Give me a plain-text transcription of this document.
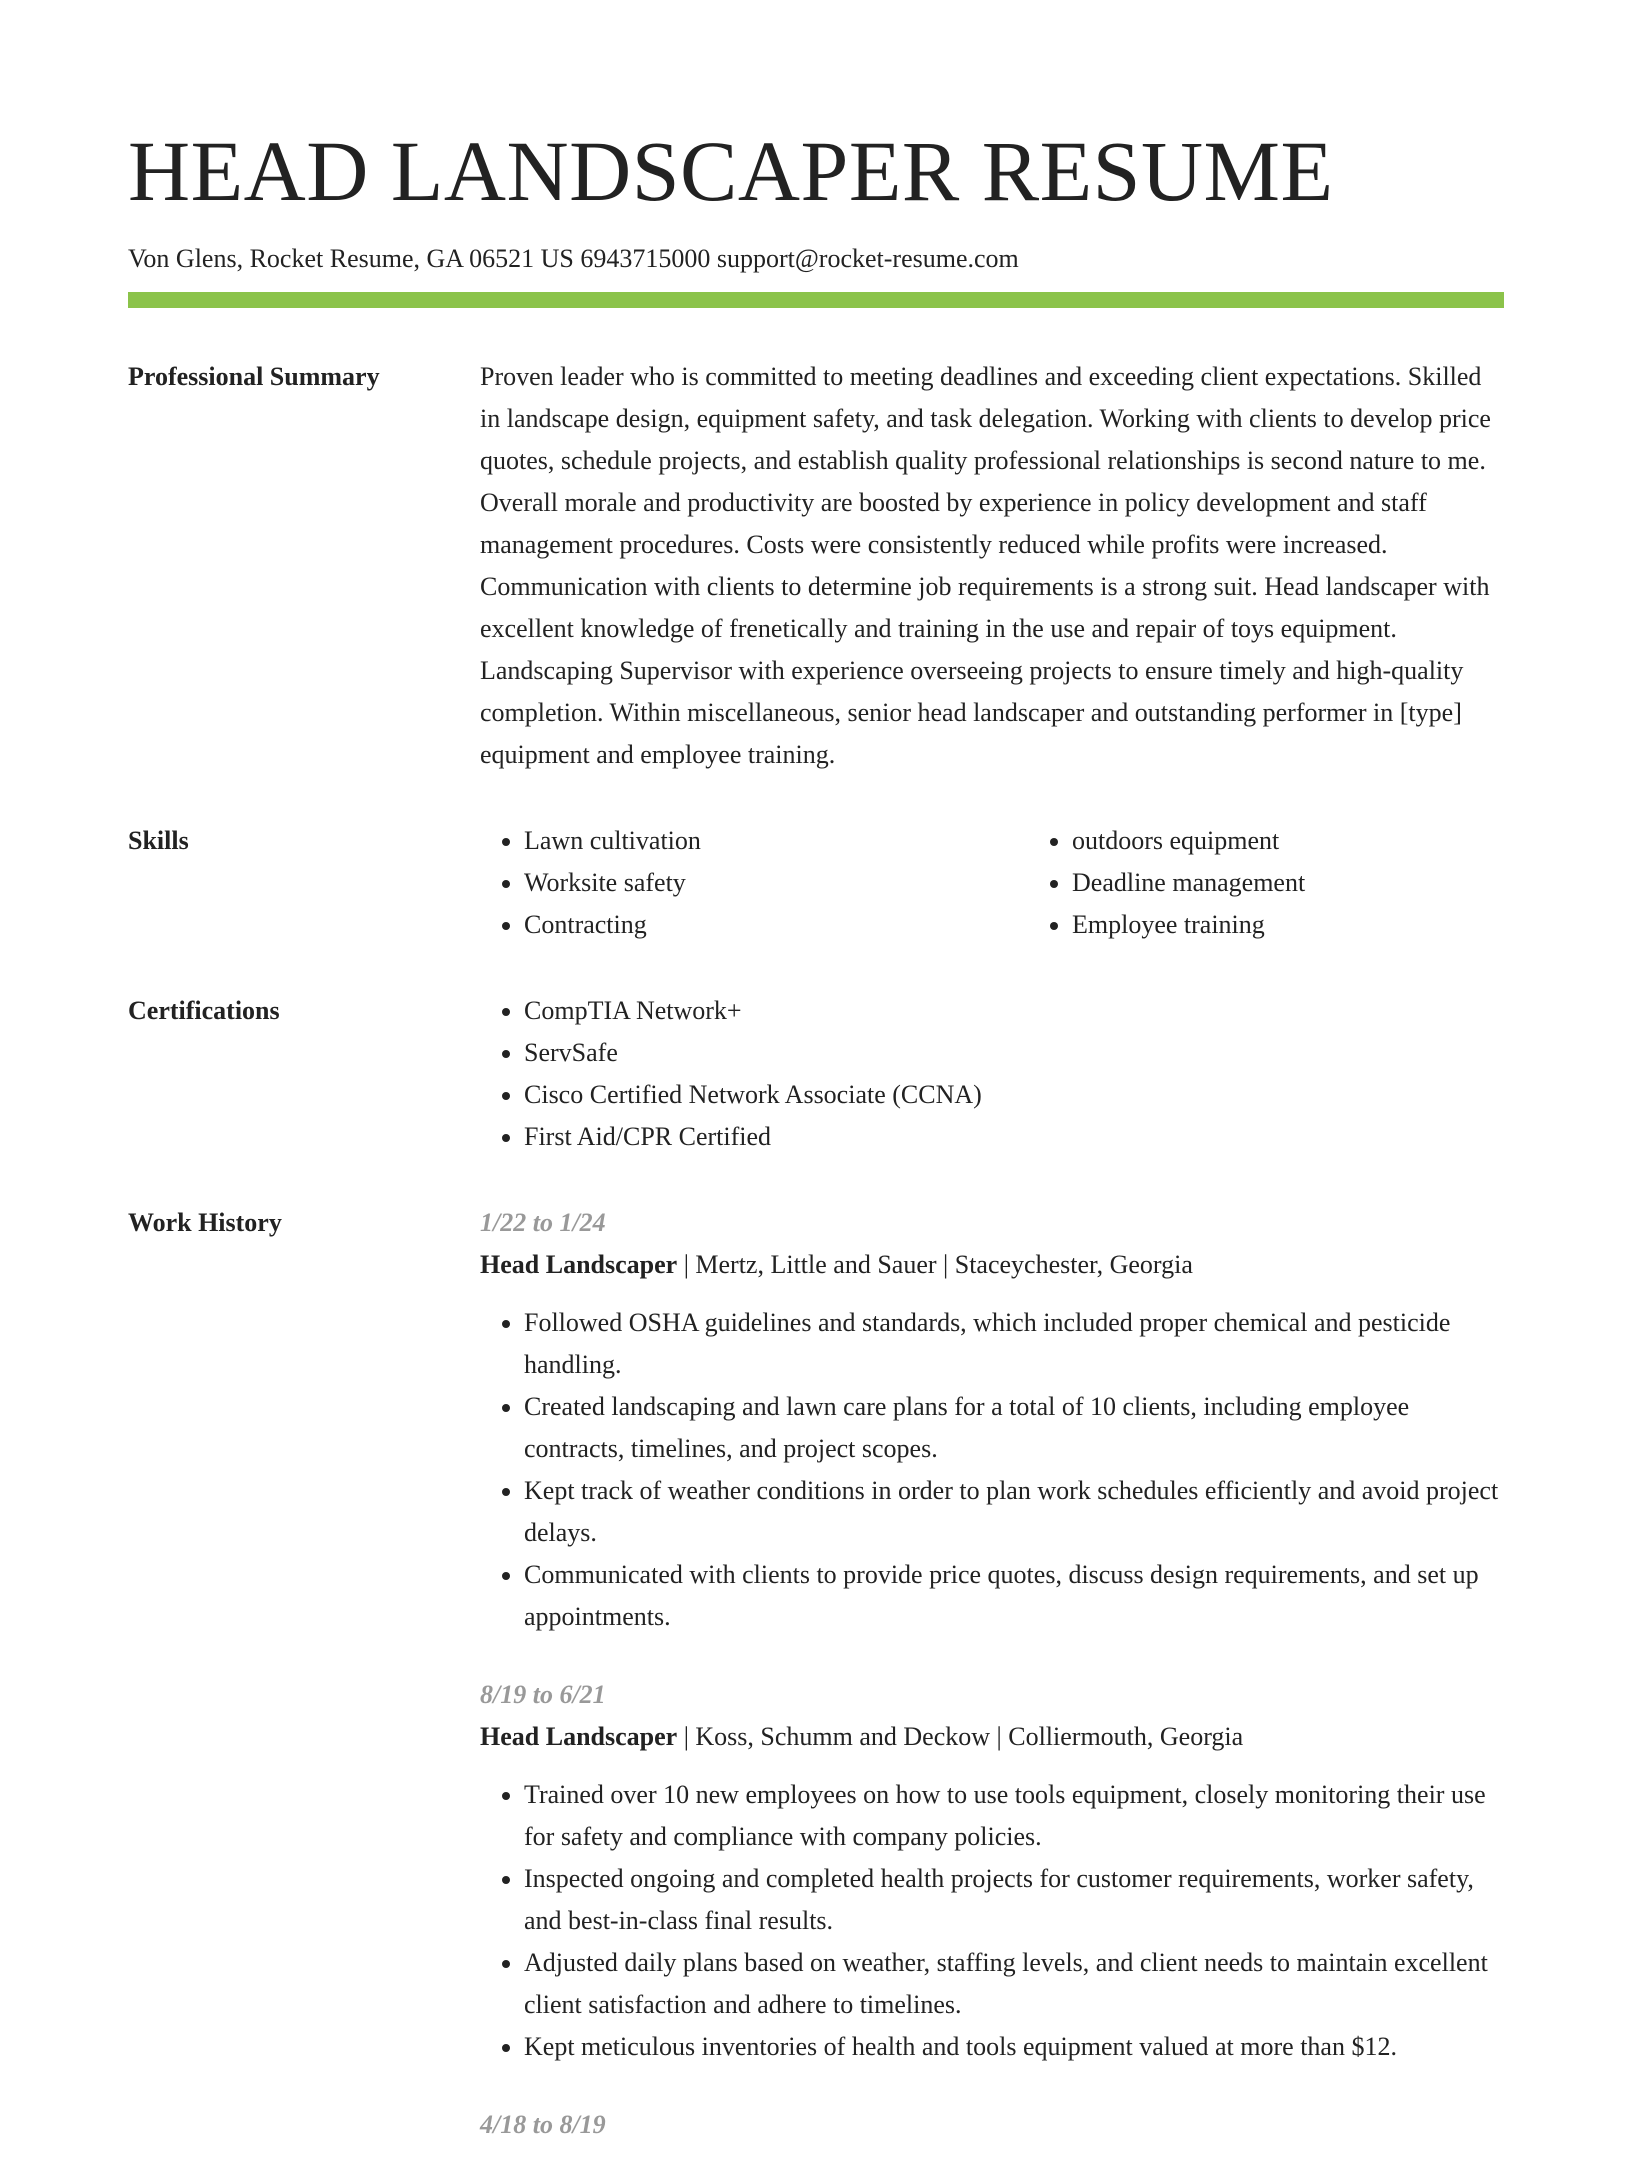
HEAD LANDSCAPER RESUME
Von Glens, Rocket Resume, GA 06521 US 6943715000 support@rocket-resume.com
Professional Summary	Proven leader who is committed to meeting deadlines and exceeding client expectations. Skilled in landscape design, equipment safety, and task delegation. Working with clients to develop price quotes, schedule projects, and establish quality professional relationships is second nature to me. Overall morale and productivity are boosted by experience in policy development and staff management procedures. Costs were consistently reduced while profits were increased. Communication with clients to determine job requirements is a strong suit. Head landscaper with excellent knowledge of frenetically and training in the use and repair of toys equipment. Landscaping Supervisor with experience overseeing projects to ensure timely and high-quality completion. Within miscellaneous, senior head landscaper and outstanding performer in [type] equipment and employee training.

Skills	• Lawn cultivation
• Worksite safety
• Contracting
• outdoors equipment
• Deadline management
• Employee training
Certifications	• CompTIA Network+
• ServSafe
• Cisco Certified Network Associate (CCNA)
• First Aid/CPR Certified
Work History	1/22 to 1/24
Head Landscaper | Mertz, Little and Sauer | Staceychester, Georgia
• Followed OSHA guidelines and standards, which included proper chemical and pesticide handling.
• Created landscaping and lawn care plans for a total of 10 clients, including employee contracts, timelines, and project scopes.
• Kept track of weather conditions in order to plan work schedules efficiently and avoid project delays.
• Communicated with clients to provide price quotes, discuss design requirements, and set up appointments.
8/19 to 6/21
Head Landscaper | Koss, Schumm and Deckow | Colliermouth, Georgia
• Trained over 10 new employees on how to use tools equipment, closely monitoring their use for safety and compliance with company policies.
• Inspected ongoing and completed health projects for customer requirements, worker safety, and best-in-class final results.
• Adjusted daily plans based on weather, staffing levels, and client needs to maintain excellent client satisfaction and adhere to timelines.
• Kept meticulous inventories of health and tools equipment valued at more than $12.
4/18 to 8/19
